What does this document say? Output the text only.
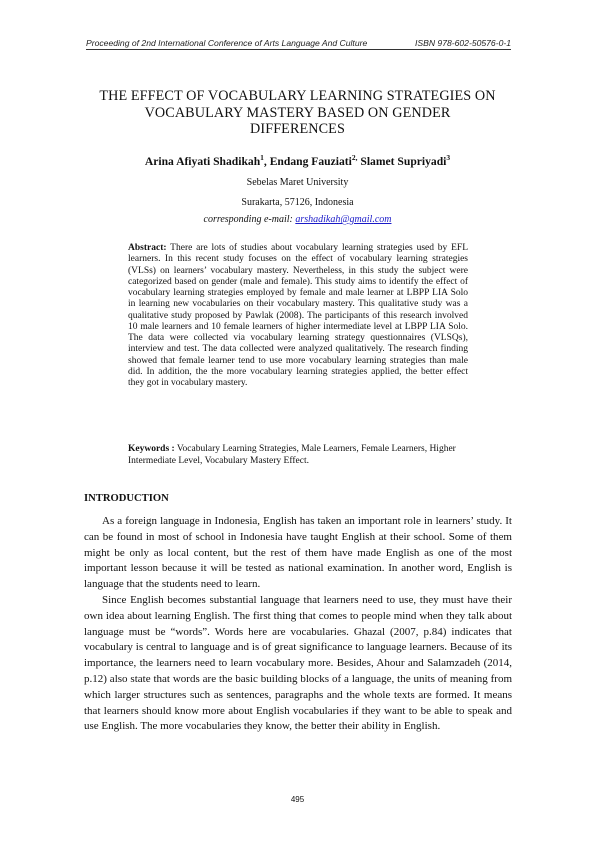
Proceeding of 2nd International Conference of Arts Language And Culture	ISBN 978-602-50576-0-1
THE EFFECT OF VOCABULARY LEARNING STRATEGIES ON
VOCABULARY MASTERY BASED ON GENDER
DIFFERENCES
Arina Afiyati Shadikah$^1$, Endang Fauziati$^{2,}$ Slamet Supriyadi$^3$
Sebelas Maret University
Surakarta, 57126, Indonesia
corresponding e-mail: arshadikah@gmail.com
Abstract: There are lots of studies about vocabulary learning strategies used by EFL learners. In this recent study focuses on the effect of vocabulary learning strategies (VLSs) on learners’ vocabulary mastery. Nevertheless, in this study the subject were categorized based on gender (male and female). This study aims to identify the effect of vocabulary learning strategies employed by female and male learner at LBPP LIA Solo in learning new vocabularies on their vocabulary mastery. This qualitative study was a qualitative study proposed by Pawlak (2008). The participants of this research involved 10 male learners and 10 female learners of higher intermediate level at LBPP LIA Solo. The data were collected via vocabulary learning strategy questionnaires (VLSQs), interview and test. The data collected were analyzed qualitatively. The research finding showed that female learner tend to use more vocabulary learning strategies than male did. In addition, the the more vocabulary learning strategies applied, the better effect they got in vocabulary mastery.
Keywords : Vocabulary Learning Strategies, Male Learners, Female Learners, Higher Intermediate Level, Vocabulary Mastery Effect.
INTRODUCTION

As a foreign language in Indonesia, English has taken an important role in learners’ study. It can be found in most of school in Indonesia have taught English at their school. Some of them might be only as local content, but the rest of them have made English as one of the most important lesson because it will be tested as national examination. In another word, English is language that the students need to learn.

Since English becomes substantial language that learners need to use, they must have their own idea about learning English. The first thing that comes to people mind when they talk about language must be “words”. Words here are vocabularies. Ghazal (2007, p.84) indicates that vocabulary is central to language and is of great significance to language learners. Because of its importance, the learners need to learn vocabulary more. Besides, Ahour and Salamzadeh (2014, p.12) also state that words are the basic building blocks of a language, the units of meaning from which larger structures such as sentences, paragraphs and the whole texts are formed. It means that learners should know more about English vocabularies if they want to be able to speak and use English. The more vocabularies they know, the better their ability in English.

495
